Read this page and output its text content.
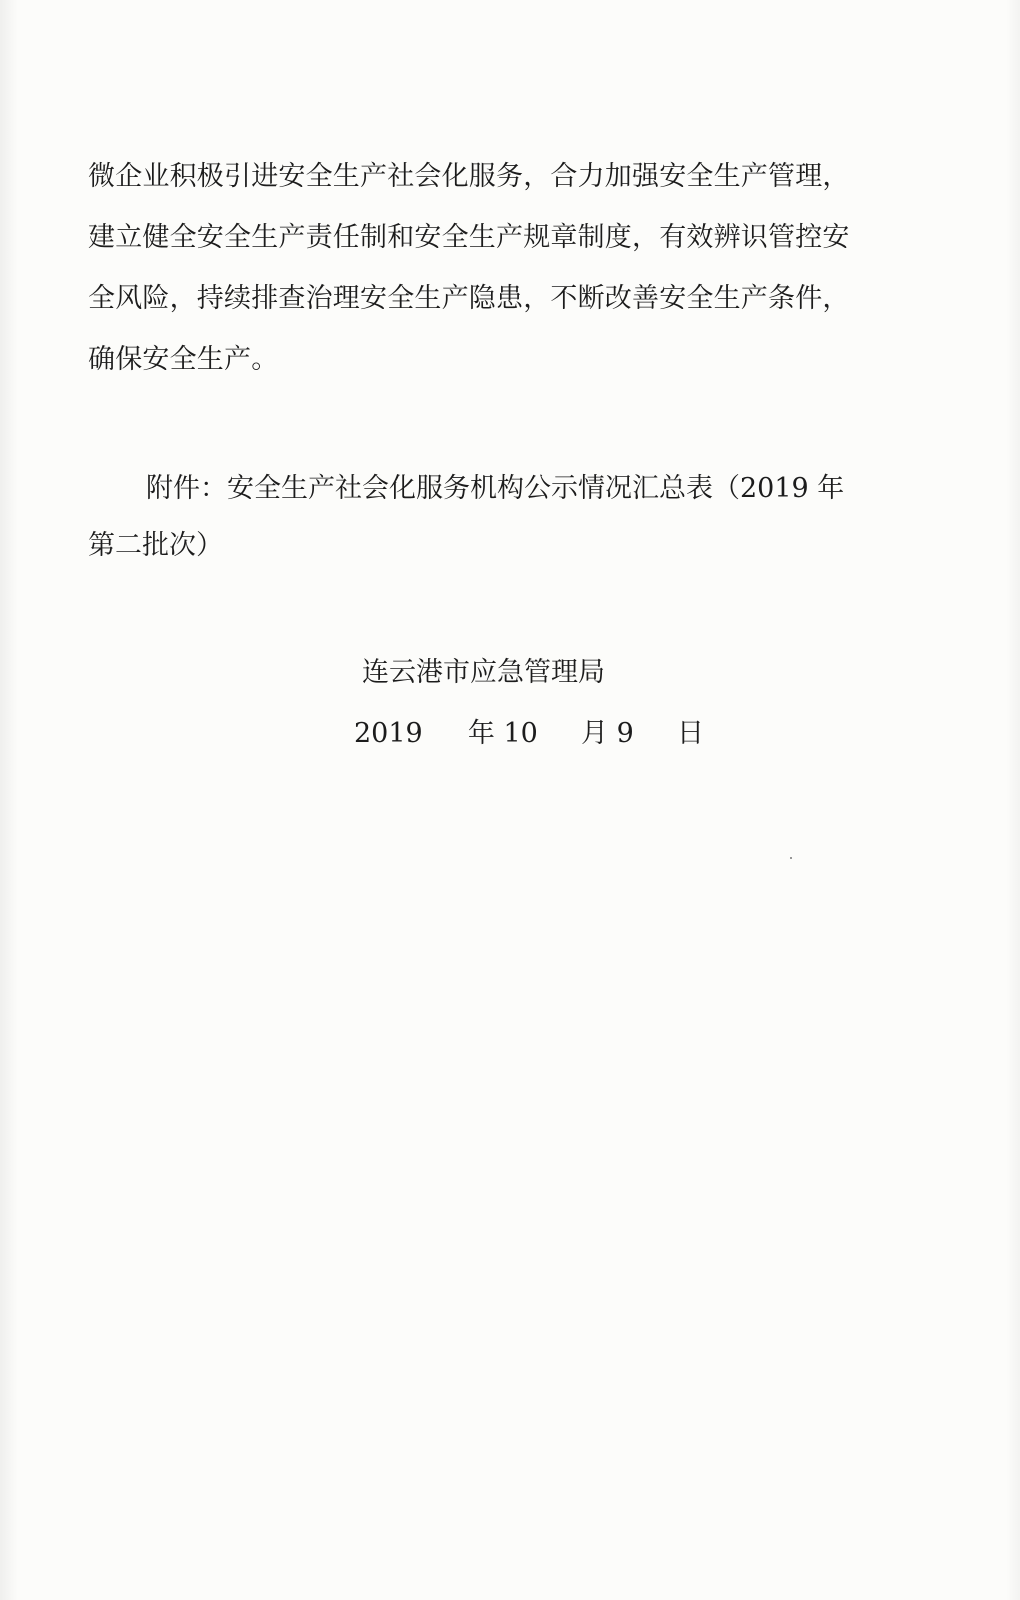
微企业积极引进安全生产社会化服务，合力加强安全生产管理，
建立健全安全生产责任制和安全生产规章制度，有效辨识管控安
全风险，持续排查治理安全生产隐患，不断改善安全生产条件，
确保安全生产。
附件：安全生产社会化服务机构公示情况汇总表（2019 年
第二批次）
连云港市应急管理局
2019 年 10 月 9 日
